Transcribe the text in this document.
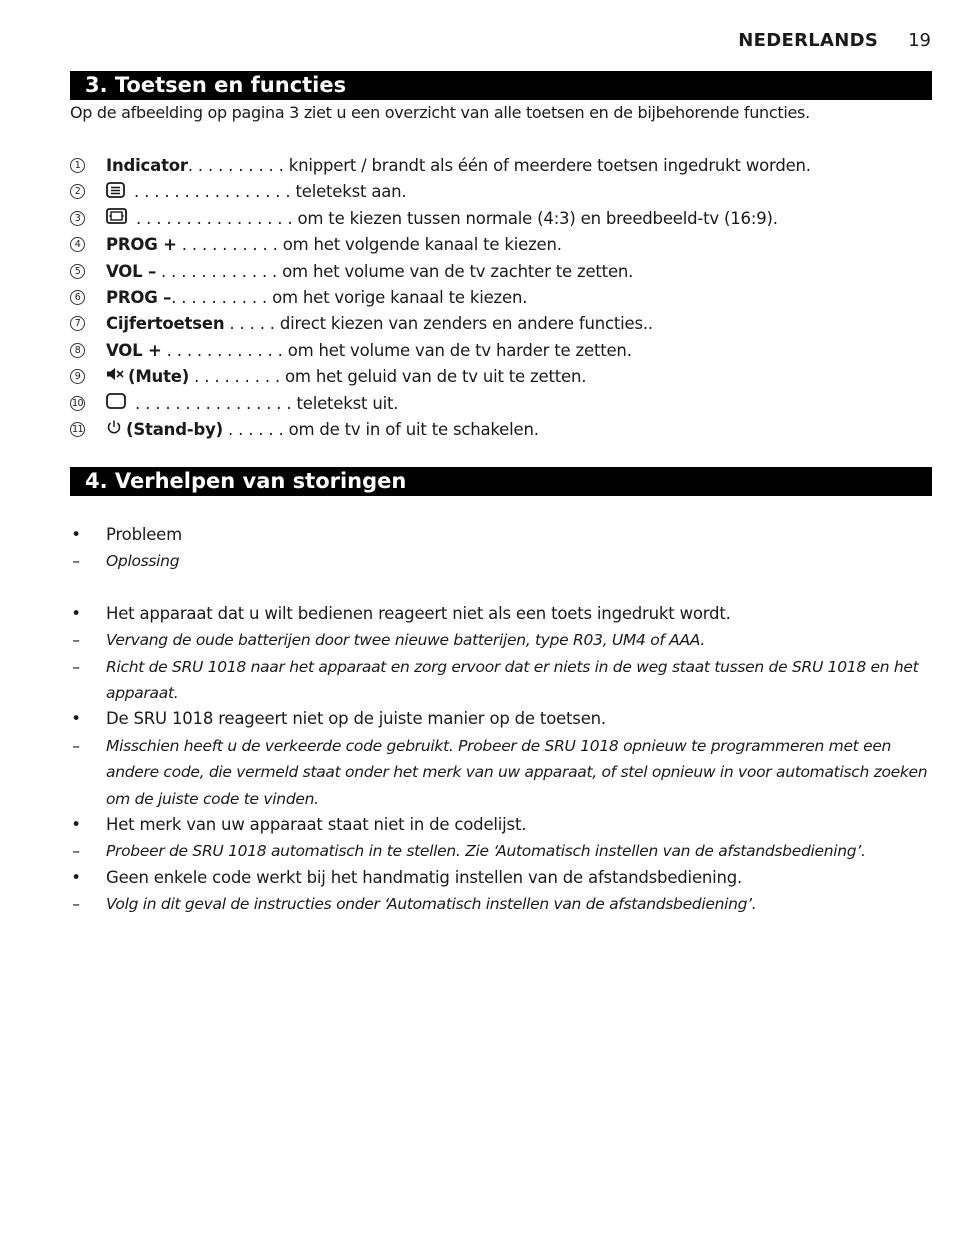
NEDERLANDS 19
3. Toetsen en functies
Op de afbeelding op pagina 3 ziet u een overzicht van alle toetsen en de bijbehorende functies.
1 Indicator. . . . . . . . . . knippert / brandt als één of meerdere toetsen ingedrukt worden.
2	. . . . . . . . . . . . . . . . teletekst aan.
3	. . . . . . . . . . . . . . . . om te kiezen tussen normale (4:3) en breedbeeld-tv (16:9).
4 PROG + . . . . . . . . . . om het volgende kanaal te kiezen.
5 VOL – . . . . . . . . . . . . om het volume van de tv zachter te zetten.
6 PROG –. . . . . . . . . . om het vorige kanaal te kiezen.
7 Cijfertoetsen . . . . . direct kiezen van zenders en andere functies..
8 VOL + . . . . . . . . . . . . om het volume van de tv harder te zetten.
9	(Mute) . . . . . . . . . om het geluid van de tv uit te zetten.
10	. . . . . . . . . . . . . . . . teletekst uit.
11	(Stand-by) . . . . . . om de tv in of uit te schakelen.
4. Verhelpen van storingen
• Probleem
– Oplossing
• Het apparaat dat u wilt bedienen reageert niet als een toets ingedrukt wordt.
– Vervang de oude batterijen door twee nieuwe batterijen, type R03, UM4 of AAA.
– Richt de SRU 1018 naar het apparaat en zorg ervoor dat er niets in de weg staat tussen de SRU 1018 en het apparaat.
• De SRU 1018 reageert niet op de juiste manier op de toetsen.
– Misschien heeft u de verkeerde code gebruikt. Probeer de SRU 1018 opnieuw te programmeren met een andere code, die vermeld staat onder het merk van uw apparaat, of stel opnieuw in voor automatisch zoeken om de juiste code te vinden.
• Het merk van uw apparaat staat niet in de codelijst.
– Probeer de SRU 1018 automatisch in te stellen. Zie ‘Automatisch instellen van de afstandsbediening’.
• Geen enkele code werkt bij het handmatig instellen van de afstandsbediening.
– Volg in dit geval de instructies onder ‘Automatisch instellen van de afstandsbediening’.
